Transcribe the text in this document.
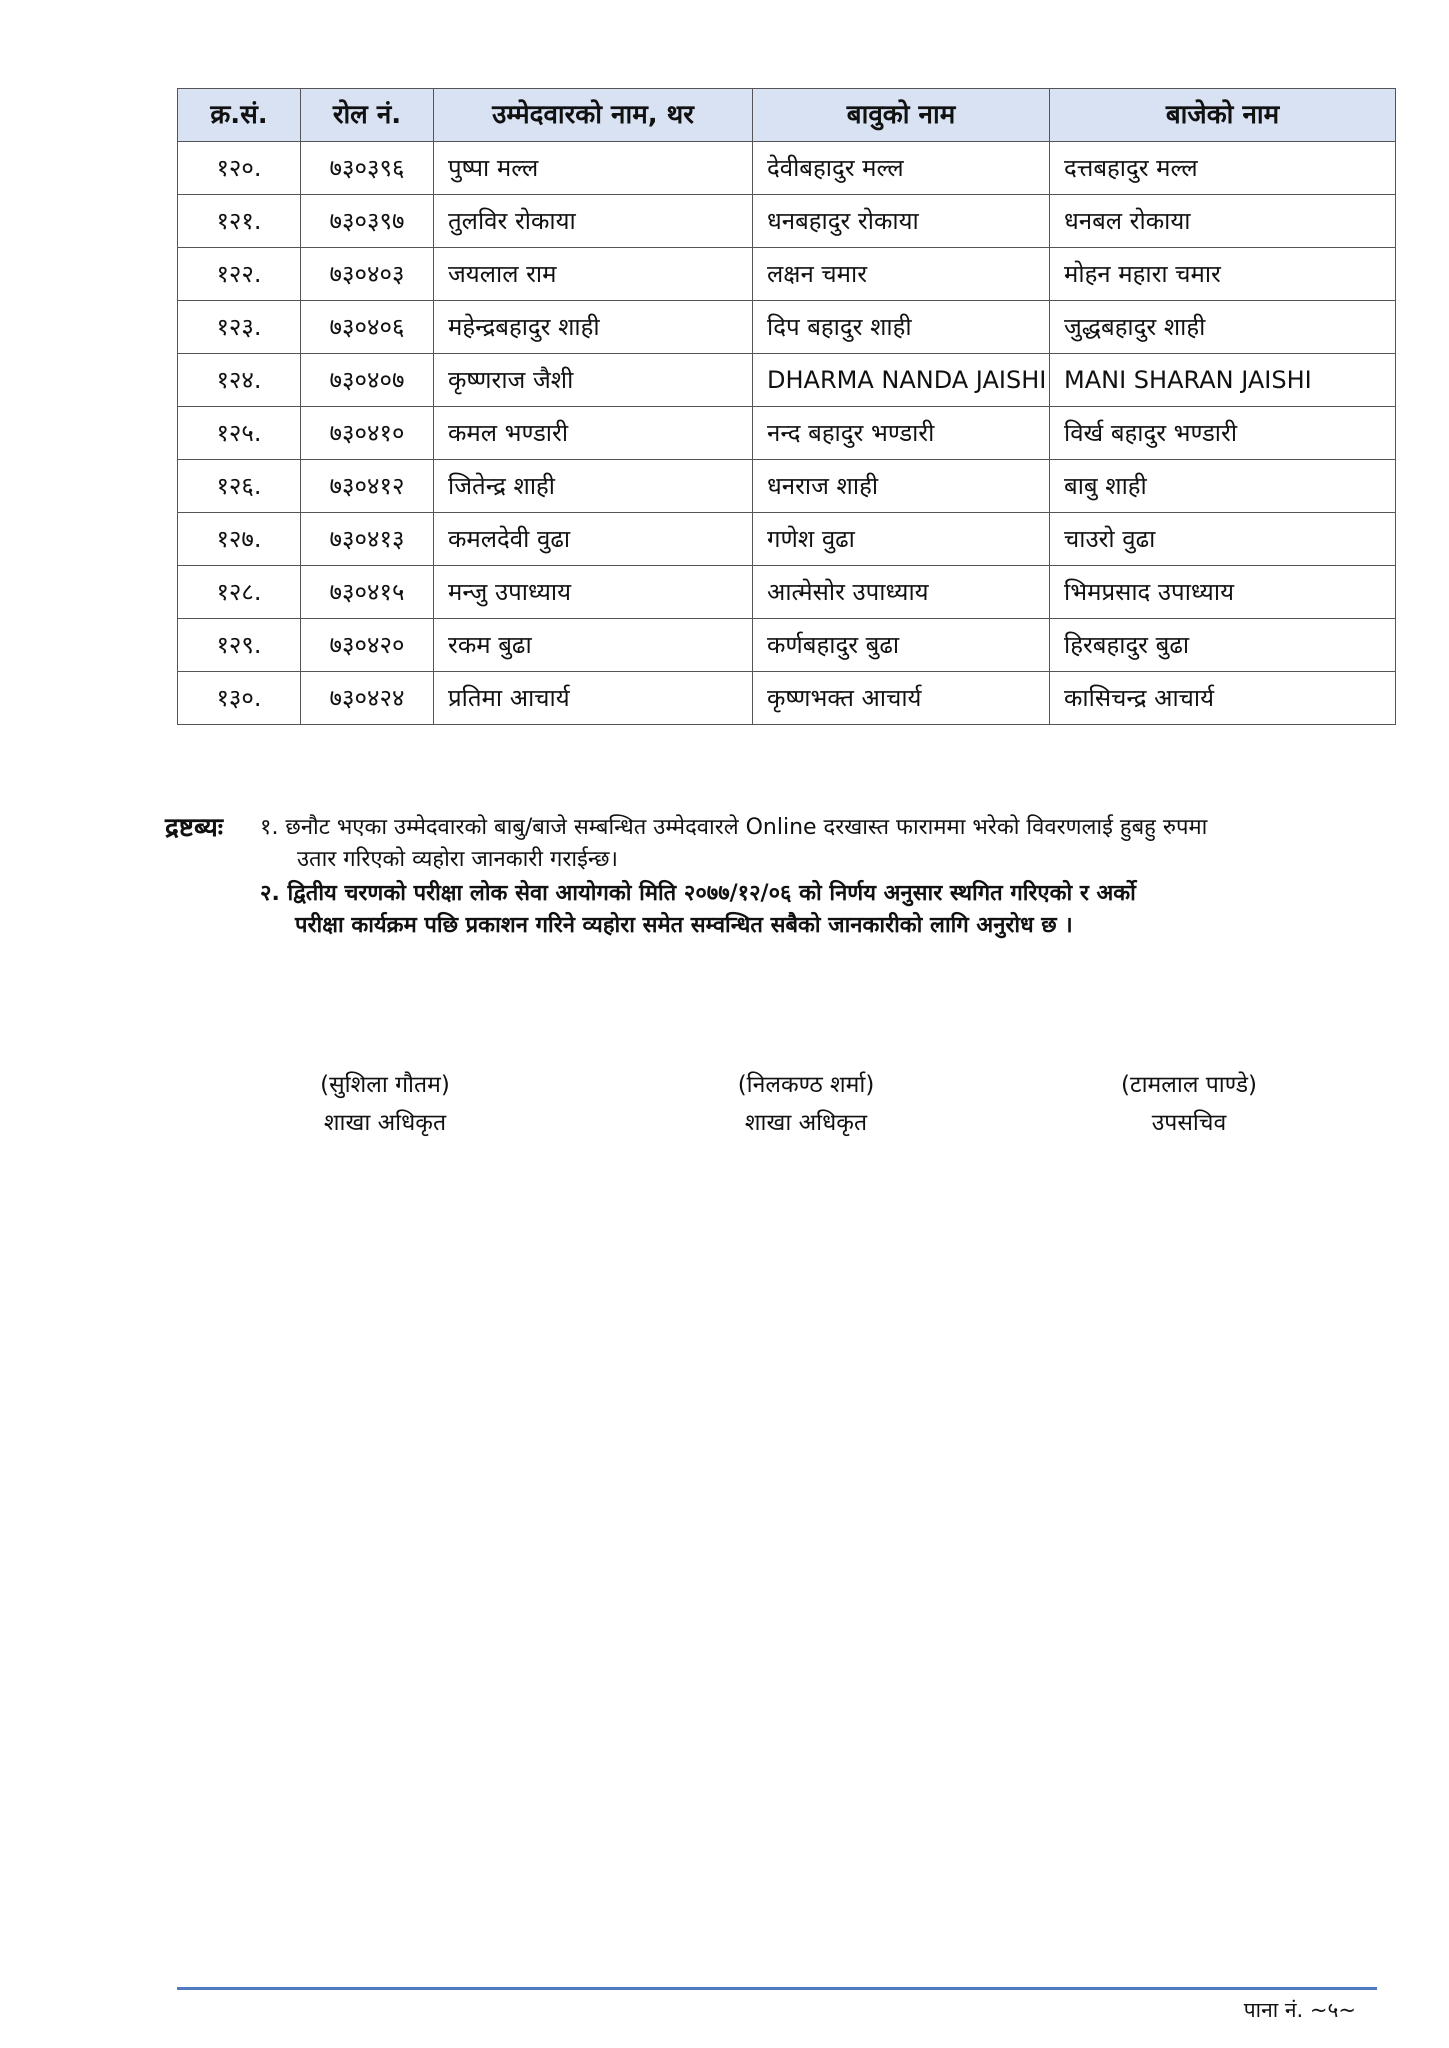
क्र.सं.	रोल नं.	उम्मेदवारको नाम, थर	बावुको नाम	बाजेको नाम
१२०.	७३०३९६	पुष्पा मल्ल	देवीबहादुर मल्ल	दत्तबहादुर मल्ल
१२१.	७३०३९७	तुलविर रोकाया	धनबहादुर रोकाया	धनबल रोकाया
१२२.	७३०४०३	जयलाल राम	लक्षन चमार	मोहन महारा चमार
१२३.	७३०४०६	महेन्द्रबहादुर शाही	दिप बहादुर शाही	जुद्धबहादुर शाही
१२४.	७३०४०७	कृष्णराज जैशी	DHARMA NANDA JAISHI	MANI SHARAN JAISHI
१२५.	७३०४१०	कमल भण्डारी	नन्द बहादुर भण्डारी	विर्ख बहादुर भण्डारी
१२६.	७३०४१२	जितेन्द्र शाही	धनराज शाही	बाबु शाही
१२७.	७३०४१३	कमलदेवी वुढा	गणेश वुढा	चाउरो वुढा
१२८.	७३०४१५	मन्जु उपाध्याय	आत्मेसोर उपाध्याय	भिमप्रसाद उपाध्याय
१२९.	७३०४२०	रकम बुढा	कर्णबहादुर बुढा	हिरबहादुर बुढा
१३०.	७३०४२४	प्रतिमा आचार्य	कृष्णभक्त आचार्य	कासिचन्द्र आचार्य
द्रष्टब्यः १. छनौट भएका उम्मेदवारको बाबु/बाजे सम्बन्धित उम्मेदवारले Online दरखास्त फाराममा भरेको विवरणलाई हुबहु रुपमा
उतार गरिएको व्यहोरा जानकारी गराईन्छ।
२. द्वितीय चरणको परीक्षा लोक सेवा आयोगको मिति २०७७/१२/०६ को निर्णय अनुसार स्थगित गरिएको र अर्को
परीक्षा कार्यक्रम पछि प्रकाशन गरिने व्यहोरा समेत सम्वन्धित सबैको जानकारीको लागि अनुरोध छ ।
(सुशिला गौतम)
शाखा अधिकृत
(निलकण्ठ शर्मा)
शाखा अधिकृत
(टामलाल पाण्डे)
उपसचिव
पाना नं. ~५~
